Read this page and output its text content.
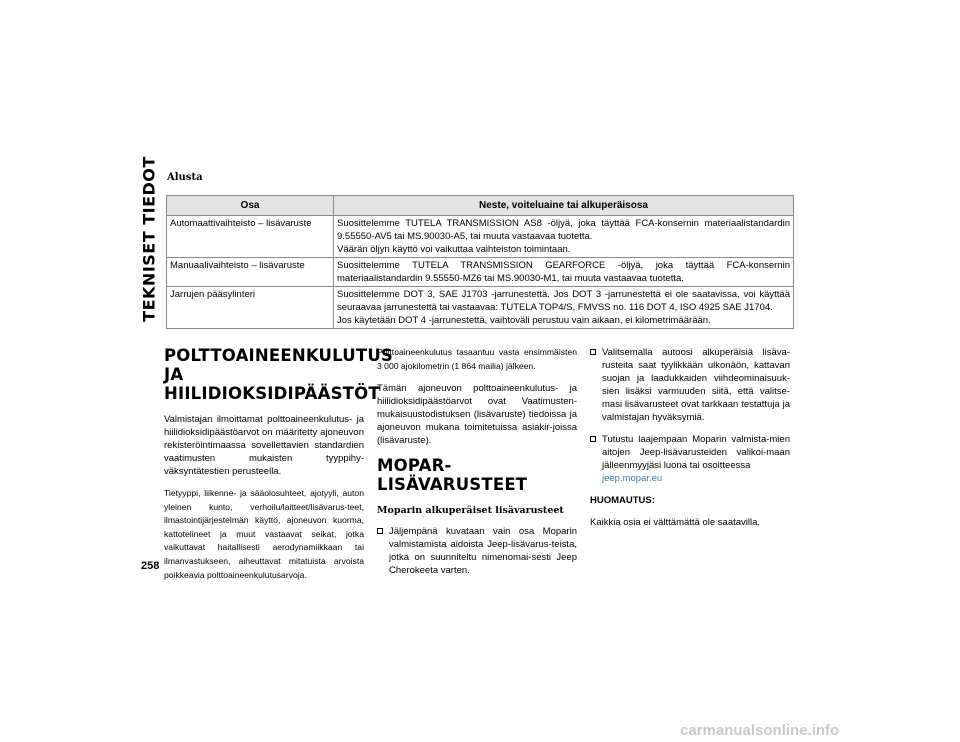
TEKNISET TIEDOT
258
Alusta
Osa	Neste, voiteluaine tai alkuperäisosa
Automaattivaihteisto – lisävaruste	Suosittelemme TUTELA TRANSMISSION AS8 -öljyä, joka täyttää FCA-konsernin materiaalistandardin 9.55550-AV5 tai MS.90030-A5, tai muuta vastaavaa tuotetta.
Väärän öljyn käyttö voi vaikuttaa vaihteiston toimintaan.

Manuaalivaihteisto – lisävaruste	Suosittelemme TUTELA TRANSMISSION GEARFORCE -öljyä, joka täyttää FCA-konsernin materiaalistandardin 9.55550-MZ6 tai MS.90030-M1, tai muuta vastaavaa tuotetta.

Jarrujen pääsylinteri	Suosittelemme DOT 3, SAE J1703 -jarrunestettä. Jos DOT 3 -jarrunestettä ei ole saatavissa, voi käyttää seuraavaa jarrunestettä tai vastaavaa: TUTELA TOP4/S, FMVSS no. 116 DOT 4, ISO 4925 SAE J1704.
Jos käytetään DOT 4 -jarrunestettä, vaihtoväli perustuu vain aikaan, ei kilometrimäärään.
POLTTOAINEENKULUTUS JA HIILIDIOKSIDIPÄÄSTÖT

Valmistajan ilmoittamat polttoaineenkulutus- ja hiilidioksidipäästöarvot on määritetty ajoneuvon rekisteröintimaassa sovellettavien standardien vaatimusten mukaisten tyyppihy-väksyntätestien perusteella.

Tietyyppi, liikenne- ja sääolosuhteet, ajotyyli, auton yleinen kunto, verhoilu/laitteet/lisävarus-teet, ilmastointijärjestelmän käyttö, ajoneuvon kuorma, kattotelineet ja muut vastaavat seikat, jotka vaikuttavat haitallisesti aerodynamiikkaan tai ilmanvastukseen, aiheuttavat mitatuista arvoista poikkeavia polttoaineenkulutusarvoja.

Polttoaineenkulutus tasaantuu vasta ensimmäisten 3 000 ajokilometrin (1 864 mailia) jälkeen.

Tämän ajoneuvon polttoaineenkulutus- ja hiilidioksidipäästöarvot ovat Vaatimusten-mukaisuustodistuksen (lisävaruste) tiedoissa ja ajoneuvon mukana toimitetuissa asiakir-joissa (lisävaruste).

MOPAR-LISÄVARUSTEET
Moparin alkuperäiset lisävarusteet
Jäljempänä kuvataan vain osa Moparin valmistamista aidoista Jeep-lisävarus-teista, jotka on suunniteltu nimenomai-sesti Jeep Cherokeeta varten.
Valitsemalla autoosi alkuperäisiä lisäva-rusteita saat tyylikkään ulkonäön, kattavan suojan ja laadukkaiden viihdeominaisuuk-sien lisäksi varmuuden siitä, että valitse-masi lisävarusteet ovat tarkkaan testattuja ja valmistajan hyväksymiä.
Tutustu laajempaan Moparin valmista-mien aitojen Jeep-lisävarusteiden valikoi-maan jälleenmyyjäsi luona tai osoitteessa
jeep.mopar.eu

HUOMAUTUS:

Kaikkia osia ei välttämättä ole saatavilla.

carmanualsonline.info
